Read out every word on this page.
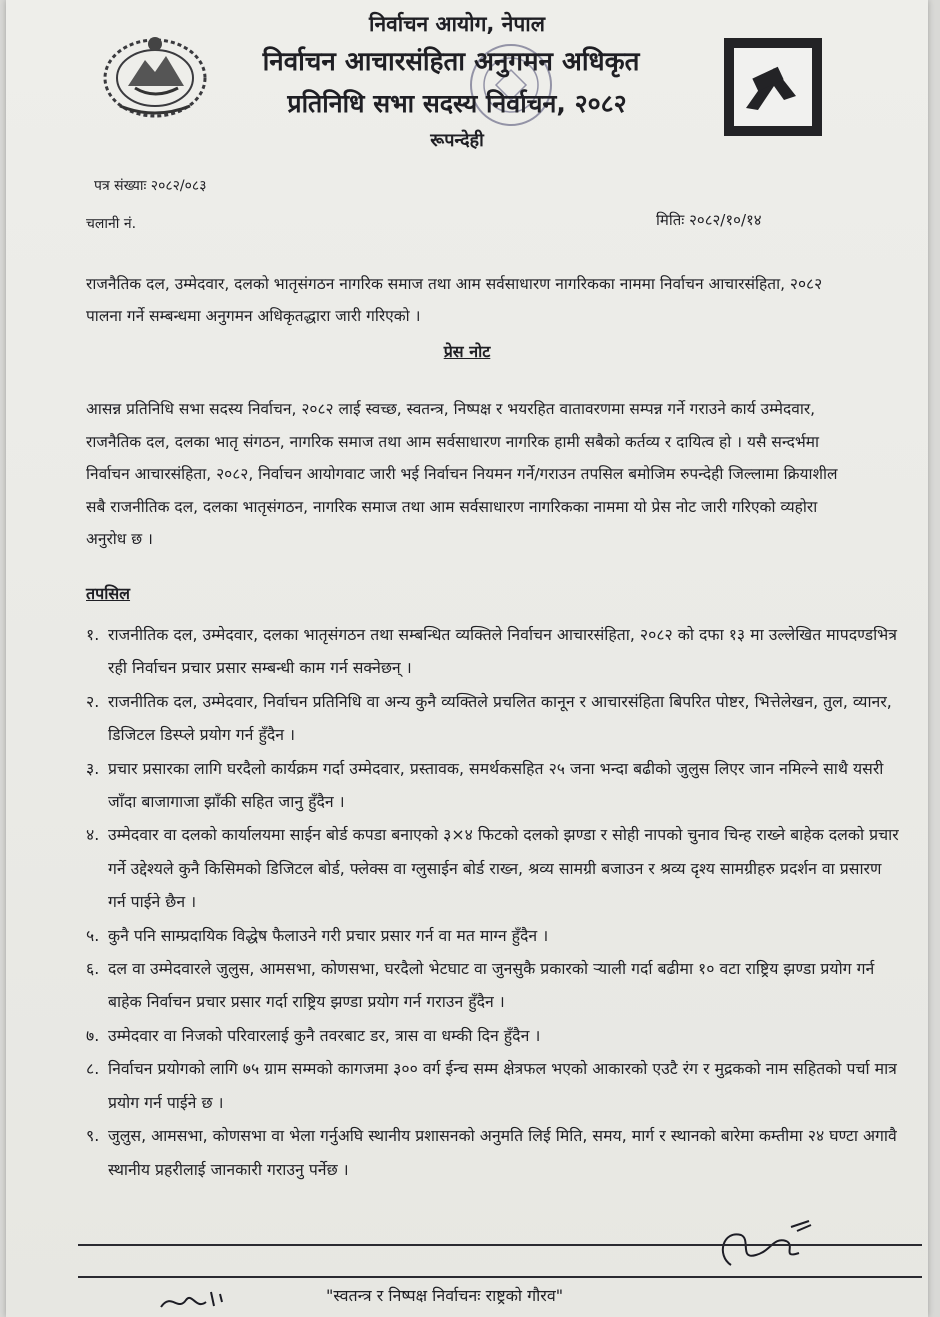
निर्वाचन आयोग, नेपाल
निर्वाचन आचारसंहिता अनुगमन अधिकृत
प्रतिनिधि सभा सदस्य निर्वाचन, २०८२
रूपन्देही
पत्र संख्याः २०८२/०८३
चलानी नं.	मितिः २०८२/१०/१४
राजनैतिक दल, उम्मेदवार, दलको भातृसंगठन नागरिक समाज तथा आम सर्वसाधारण नागरिकका नाममा निर्वाचन आचारसंहिता, २०८२ पालना गर्ने सम्बन्धमा अनुगमन अधिकृतद्धारा जारी गरिएको ।
प्रेस नोट
आसन्न प्रतिनिधि सभा सदस्य निर्वाचन, २०८२ लाई स्वच्छ, स्वतन्त्र, निष्पक्ष र भयरहित वातावरणमा सम्पन्न गर्ने गराउने कार्य उम्मेदवार, राजनैतिक दल, दलका भातृ संगठन, नागरिक समाज तथा आम सर्वसाधारण नागरिक हामी सबैको कर्तव्य र दायित्व हो । यसै सन्दर्भमा निर्वाचन आचारसंहिता, २०८२, निर्वाचन आयोगवाट जारी भई निर्वाचन नियमन गर्ने/गराउन तपसिल बमोजिम रुपन्देही जिल्लामा क्रियाशील सबै राजनीतिक दल, दलका भातृसंगठन, नागरिक समाज तथा आम सर्वसाधारण नागरिकका नाममा यो प्रेस नोट जारी गरिएको व्यहोरा अनुरोध छ ।
तपसिल
१. राजनीतिक दल, उम्मेदवार, दलका भातृसंगठन तथा सम्बन्धित व्यक्तिले निर्वाचन आचारसंहिता, २०८२ को दफा १३ मा उल्लेखित मापदण्डभित्र रही निर्वाचन प्रचार प्रसार सम्बन्धी काम गर्न सक्नेछन् ।
२. राजनीतिक दल, उम्मेदवार, निर्वाचन प्रतिनिधि वा अन्य कुनै व्यक्तिले प्रचलित कानून र आचारसंहिता बिपरित पोष्टर, भित्तेलेखन, तुल, व्यानर, डिजिटल डिस्प्ले प्रयोग गर्न हुँदैन ।
३. प्रचार प्रसारका लागि घरदैलो कार्यक्रम गर्दा उम्मेदवार, प्रस्तावक, समर्थकसहित २५ जना भन्दा बढीको जुलुस लिएर जान नमिल्ने साथै यसरी जाँदा बाजागाजा झाँकी सहित जानु हुँदैन ।
४. उम्मेदवार वा दलको कार्यालयमा साईन बोर्ड कपडा बनाएको ३×४ फिटको दलको झण्डा र सोही नापको चुनाव चिन्ह राख्ने बाहेक दलको प्रचार गर्ने उद्देश्यले कुनै किसिमको डिजिटल बोर्ड, फ्लेक्स वा ग्लुसाईन बोर्ड राख्न, श्रव्य सामग्री बजाउन र श्रव्य दृश्य सामग्रीहरु प्रदर्शन वा प्रसारण गर्न पाईने छैन ।
५. कुनै पनि साम्प्रदायिक विद्धेष फैलाउने गरी प्रचार प्रसार गर्न वा मत माग्न हुँदैन ।
६. दल वा उम्मेदवारले जुलुस, आमसभा, कोणसभा, घरदैलो भेटघाट वा जुनसुकै प्रकारको र्‍याली गर्दा बढीमा १० वटा राष्ट्रिय झण्डा प्रयोग गर्न बाहेक निर्वाचन प्रचार प्रसार गर्दा राष्ट्रिय झण्डा प्रयोग गर्न गराउन हुँदैन ।
७. उम्मेदवार वा निजको परिवारलाई कुनै तवरबाट डर, त्रास वा धम्की दिन हुँदैन ।
८. निर्वाचन प्रयोगको लागि ७५ ग्राम सम्मको कागजमा ३०० वर्ग ईन्च सम्म क्षेत्रफल भएको आकारको एउटै रंग र मुद्रकको नाम सहितको पर्चा मात्र प्रयोग गर्न पाईने छ ।
९. जुलुस, आमसभा, कोणसभा वा भेला गर्नुअघि स्थानीय प्रशासनको अनुमति लिई मिति, समय, मार्ग र स्थानको बारेमा कम्तीमा २४ घण्टा अगावै स्थानीय प्रहरीलाई जानकारी गराउनु पर्नेछ ।
"स्वतन्त्र र निष्पक्ष निर्वाचनः राष्ट्रको गौरव"
